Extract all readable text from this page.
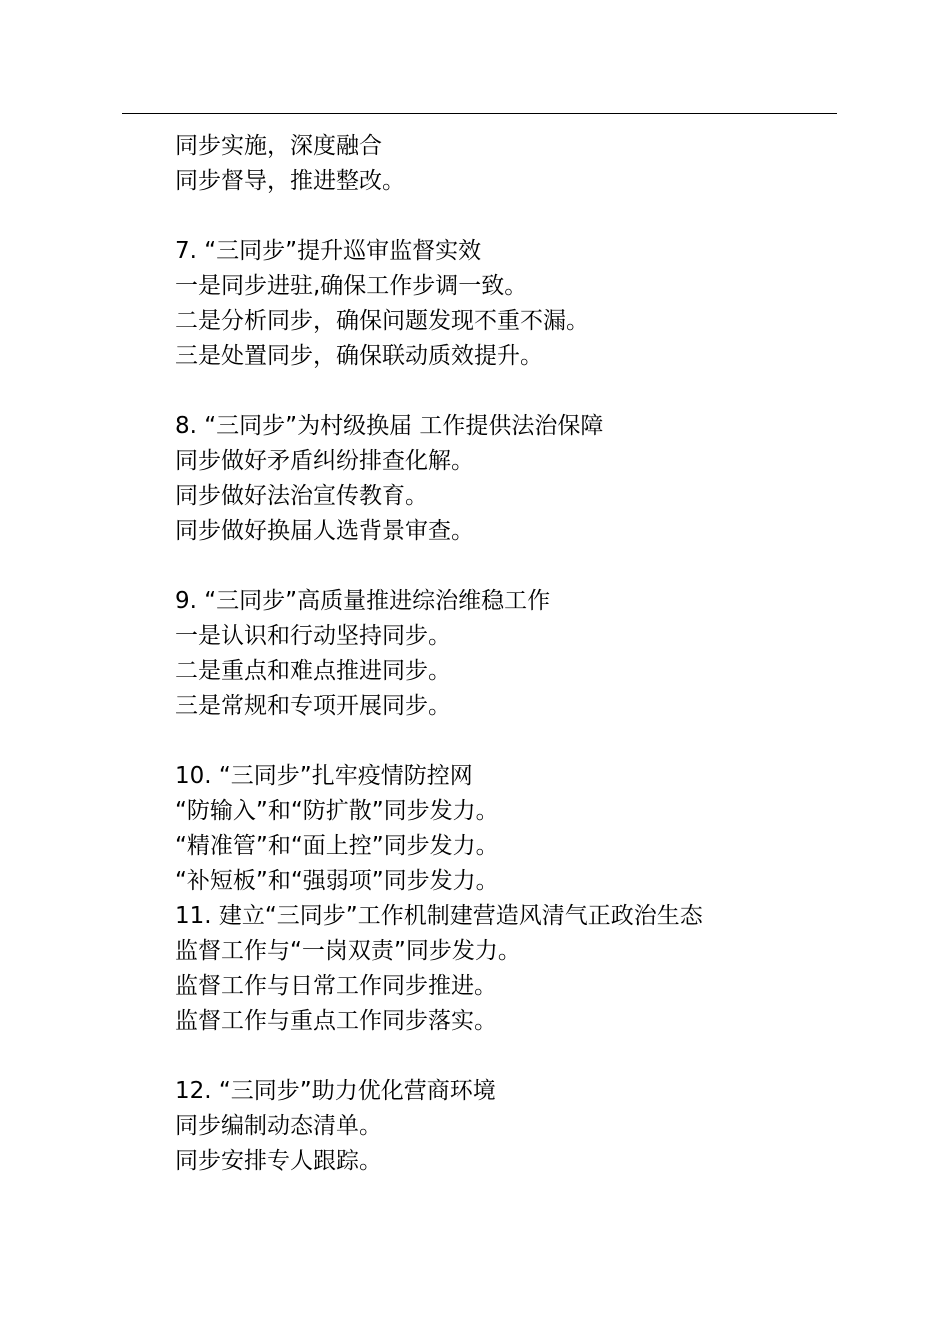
同步实施，深度融合
同步督导，推进整改。
7. “三同步”提升巡审监督实效
一是同步进驻,确保工作步调一致。
二是分析同步，确保问题发现不重不漏。
三是处置同步，确保联动质效提升。
8. “三同步”为村级换届 工作提供法治保障
同步做好矛盾纠纷排查化解。
同步做好法治宣传教育。
同步做好换届人选背景审查。
9. “三同步”高质量推进综治维稳工作
一是认识和行动坚持同步。
二是重点和难点推进同步。
三是常规和专项开展同步。
10. “三同步”扎牢疫情防控网
“防输入”和“防扩散”同步发力。
“精准管”和“面上控”同步发力。
“补短板”和“强弱项”同步发力。
11. 建立“三同步”工作机制建营造风清气正政治生态
监督工作与“一岗双责”同步发力。
监督工作与日常工作同步推进。
监督工作与重点工作同步落实。
12. “三同步”助力优化营商环境
同步编制动态清单。
同步安排专人跟踪。
